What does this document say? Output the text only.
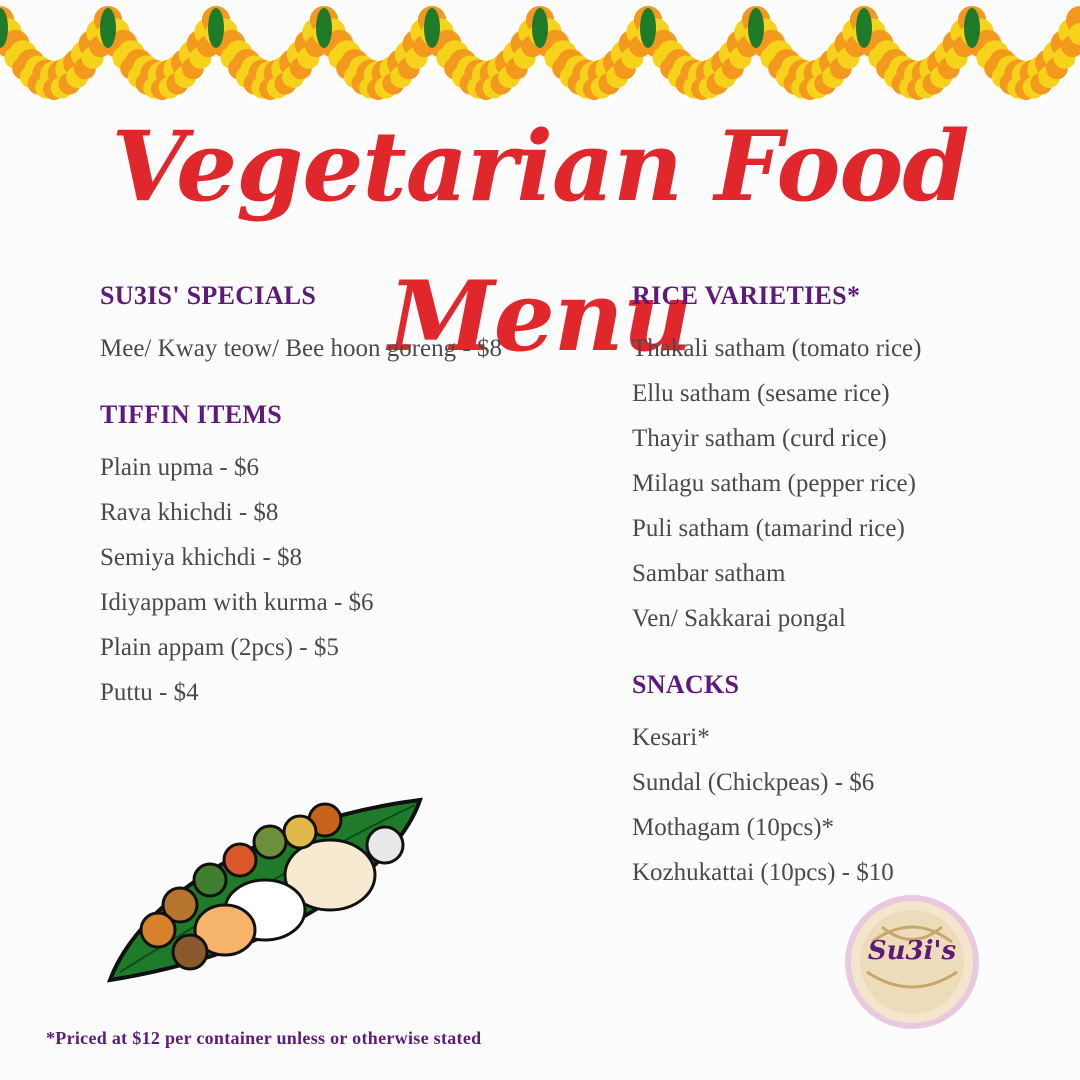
Vegetarian Food Menu
SU3IS' SPECIALS
Mee/ Kway teow/ Bee hoon goreng - $8
TIFFIN ITEMS
Plain upma - $6
Rava khichdi - $8
Semiya khichdi - $8
Idiyappam with kurma - $6
Plain appam (2pcs) - $5
Puttu - $4
RICE VARIETIES*
Thakali satham (tomato rice)
Ellu satham (sesame rice)
Thayir satham (curd rice)
Milagu satham (pepper rice)
Puli satham (tamarind rice)
Sambar satham
Ven/ Sakkarai pongal
SNACKS
Kesari*
Sundal (Chickpeas) - $6
Mothagam (10pcs)*
Kozhukattai (10pcs) - $10
Su3i's
*Priced at $12 per container unless or otherwise stated
